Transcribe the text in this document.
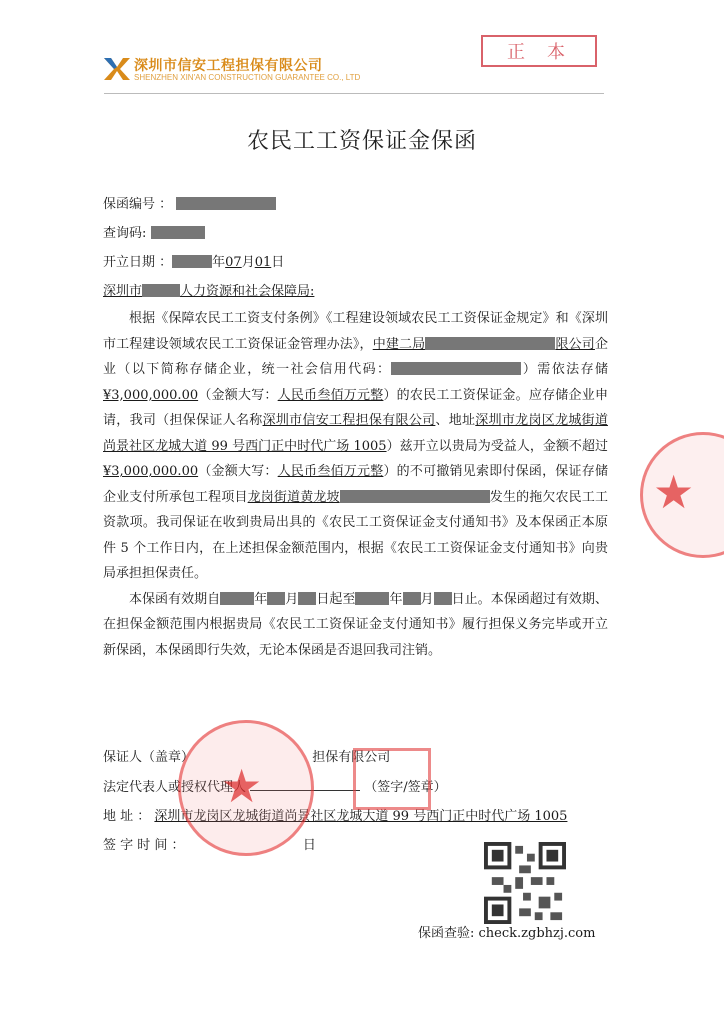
深圳市信安工程担保有限公司
SHENZHEN XIN'AN CONSTRUCTION GUARANTEE CO., LTD
正本
农民工工资保证金保函
保函编号 ：
查询码:
开立日期 ：	年07月01日
深圳市	人力资源和社会保障局:

根据《保障农民工工资支付条例》《工程建设领域农民工工资保证金规定》和《深圳市工程建设领域农民工工资保证金管理办法》，中建二局	限公司企业（以下简称存储企业，统一社会信用代码：	）需依法存储¥3,000,000.00（金额大写：人民币叁佰万元整）的农民工工资保证金。应存储企业申请，我司（担保保证人名称深圳市信安工程担保有限公司、地址深圳市龙岗区龙城街道尚景社区龙城大道 99 号西门正中时代广场 1005）兹开立以贵局为受益人，金额不超过¥3,000,000.00（金额大写：人民币叁佰万元整）的不可撤销见索即付保函，保证存储企业支付所承包工程项目龙岗街道黄龙坡	发生的拖欠农民工工资款项。我司保证在收到贵局出具的《农民工工资保证金支付通知书》及本保函正本原件 5 个工作日内，在上述担保金额范围内，根据《农民工工资保证金支付通知书》向贵局承担担保责任。

本保函有效期自	年 月 日起至	年 月 日止。本保函超过有效期、在担保金额范围内根据贵局《农民工工资保证金支付通知书》履行担保义务完毕或开立新保函，本保函即行失效，无论本保函是否退回我司注销。

保证人（盖章）	担保有限公司
法定代表人或授权代理人	（签字/签章）
地 址 ： 深圳市龙岗区龙城街道尚景社区龙城大道 99 号西门正中时代广场 1005
签 字 时 间 ：	日
★
★
保函查验: check.zgbhzj.com
